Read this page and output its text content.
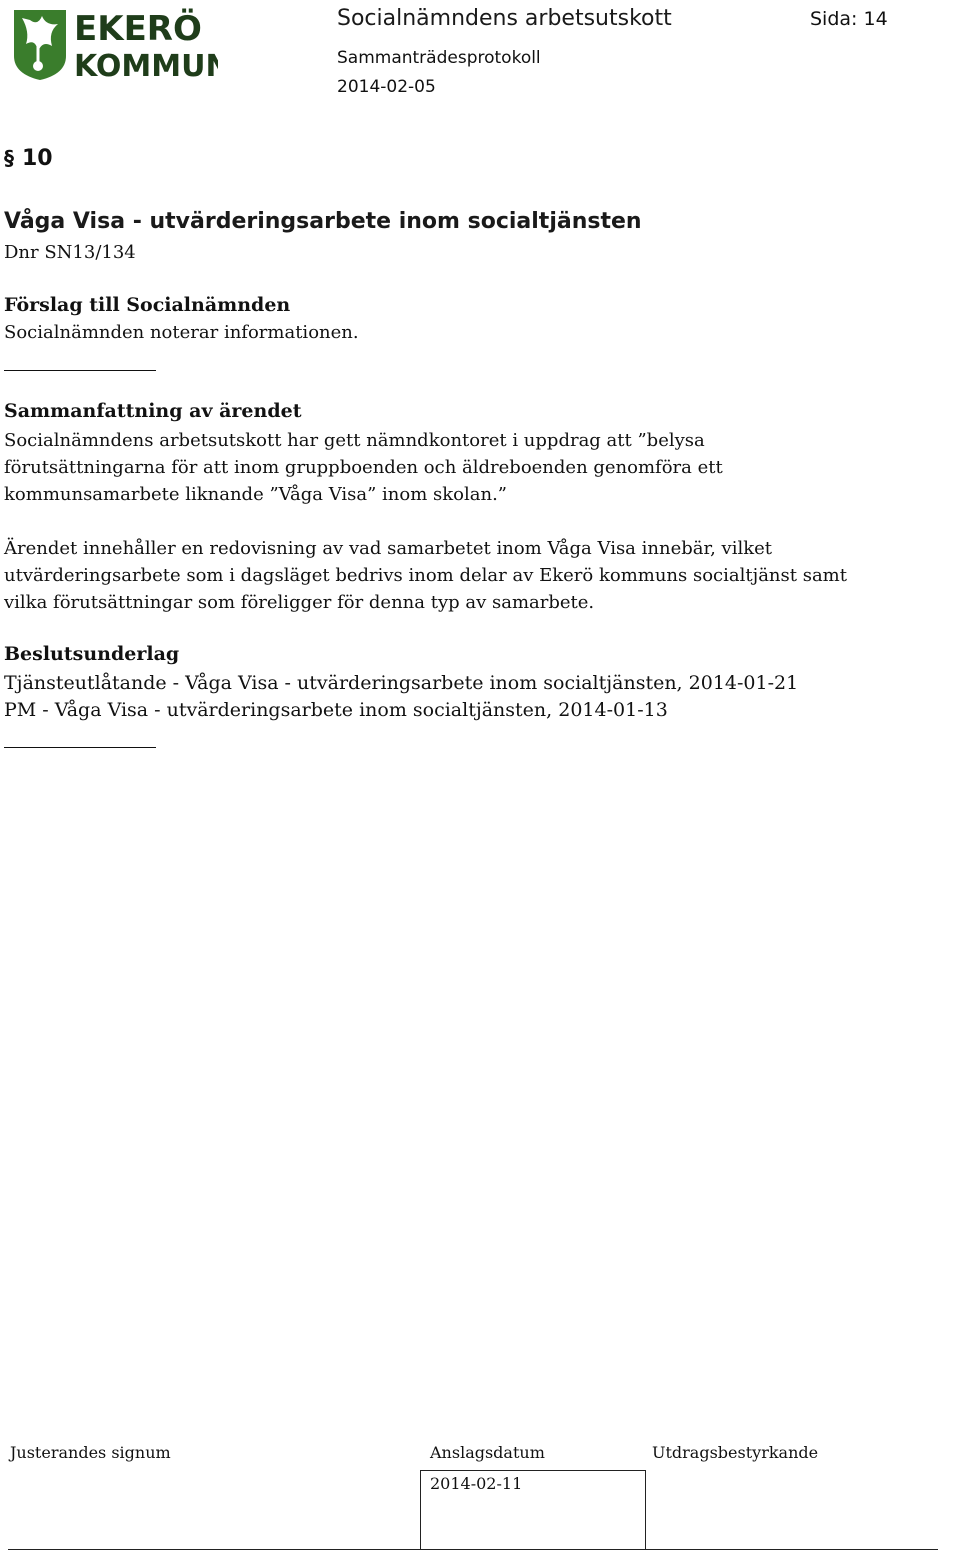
EKERÖ
KOMMUN
Socialnämndens arbetsutskott	Sida: 14
Sammanträdesprotokoll
2014-02-05
§ 10
Våga Visa - utvärderingsarbete inom socialtjänsten
Dnr SN13/134
Förslag till Socialnämnden
Socialnämnden noterar informationen.
Sammanfattning av ärendet
Socialnämndens arbetsutskott har gett nämndkontoret i uppdrag att ”belysa
förutsättningarna för att inom gruppboenden och äldreboenden genomföra ett
kommunsamarbete liknande ”Våga Visa” inom skolan.”
Ärendet innehåller en redovisning av vad samarbetet inom Våga Visa innebär, vilket
utvärderingsarbete som i dagsläget bedrivs inom delar av Ekerö kommuns socialtjänst samt
vilka förutsättningar som föreligger för denna typ av samarbete.
Beslutsunderlag
Tjänsteutlåtande - Våga Visa - utvärderingsarbete inom socialtjänsten, 2014-01-21
PM - Våga Visa - utvärderingsarbete inom socialtjänsten, 2014-01-13
Justerandes signum	Anslagsdatum	Utdragsbestyrkande
2014-02-11
